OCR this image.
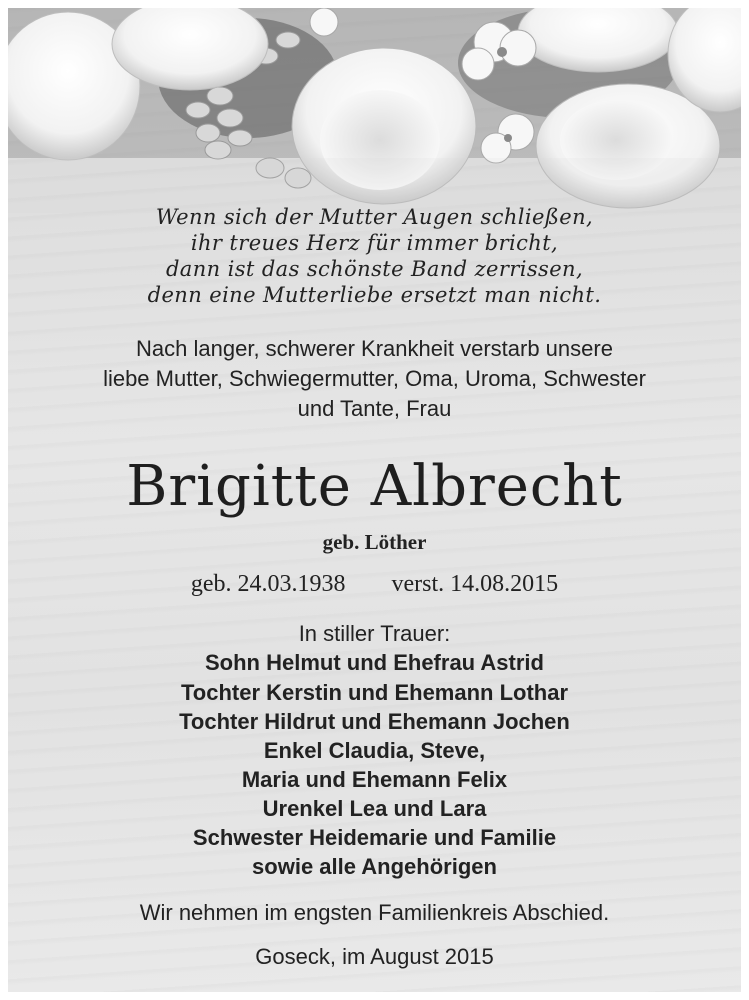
Wenn sich der Mutter Augen schließen,
ihr treues Herz für immer bricht,
dann ist das schönste Band zerrissen,
denn eine Mutterliebe ersetzt man nicht.
Nach langer, schwerer Krankheit verstarb unsere
liebe Mutter, Schwiegermutter, Oma, Uroma, Schwester
und Tante, Frau
Brigitte Albrecht
geb. Löther
geb. 24.03.1938 verst. 14.08.2015
In stiller Trauer:
Sohn Helmut und Ehefrau Astrid
Tochter Kerstin und Ehemann Lothar
Tochter Hildrut und Ehemann Jochen
Enkel Claudia, Steve,
Maria und Ehemann Felix
Urenkel Lea und Lara
Schwester Heidemarie und Familie
sowie alle Angehörigen
Wir nehmen im engsten Familienkreis Abschied.
Goseck, im August 2015
